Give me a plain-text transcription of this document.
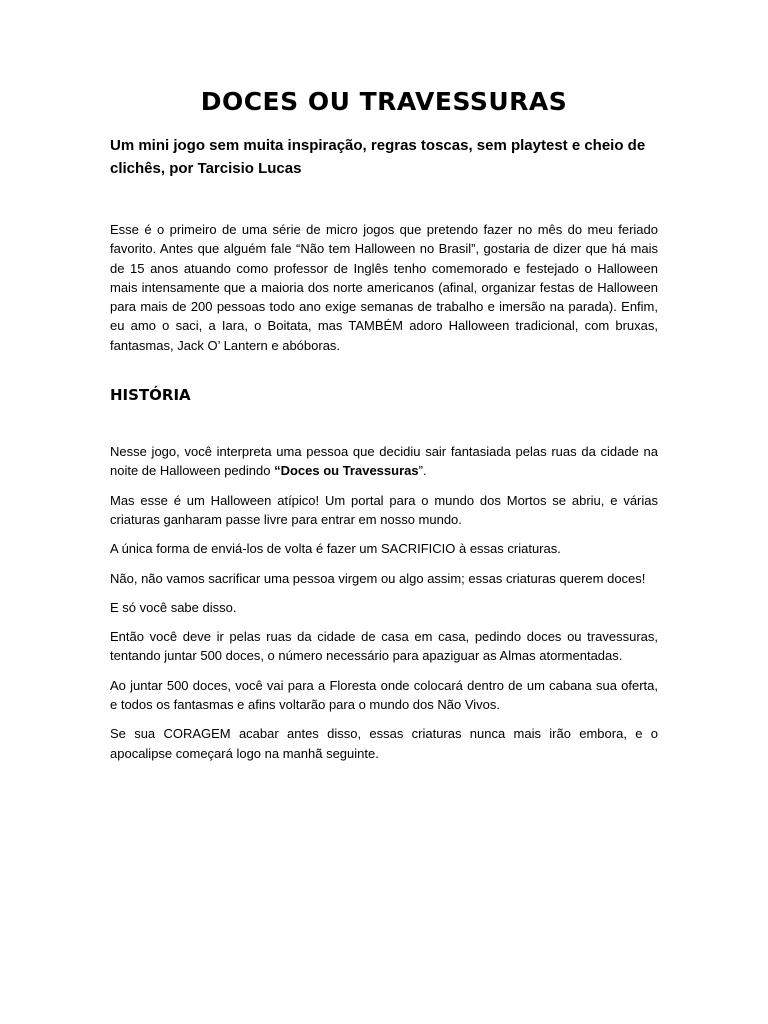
DOCES OU TRAVESSURAS
Um mini jogo sem muita inspiração, regras toscas, sem playtest e cheio de clichês, por Tarcisio Lucas

Esse é o primeiro de uma série de micro jogos que pretendo fazer no mês do meu feriado favorito. Antes que alguém fale “Não tem Halloween no Brasil”, gostaria de dizer que há mais de 15 anos atuando como professor de Inglês tenho comemorado e festejado o Halloween mais intensamente que a maioria dos norte americanos (afinal, organizar festas de Halloween para mais de 200 pessoas todo ano exige semanas de trabalho e imersão na parada). Enfim, eu amo o saci, a Iara, o Boitata, mas TAMBÉM adoro Halloween tradicional, com bruxas, fantasmas, Jack O’ Lantern e abóboras.

HISTÓRIA

Nesse jogo, você interpreta uma pessoa que decidiu sair fantasiada pelas ruas da cidade na noite de Halloween pedindo “Doces ou Travessuras”.

Mas esse é um Halloween atípico! Um portal para o mundo dos Mortos se abriu, e várias criaturas ganharam passe livre para entrar em nosso mundo.

A única forma de enviá-los de volta é fazer um SACRIFICIO à essas criaturas.

Não, não vamos sacrificar uma pessoa virgem ou algo assim; essas criaturas querem doces!

E só você sabe disso.

Então você deve ir pelas ruas da cidade de casa em casa, pedindo doces ou travessuras, tentando juntar 500 doces, o número necessário para apaziguar as Almas atormentadas.

Ao juntar 500 doces, você vai para a Floresta onde colocará dentro de um cabana sua oferta, e todos os fantasmas e afins voltarão para o mundo dos Não Vivos.

Se sua CORAGEM acabar antes disso, essas criaturas nunca mais irão embora, e o apocalipse começará logo na manhã seguinte.
